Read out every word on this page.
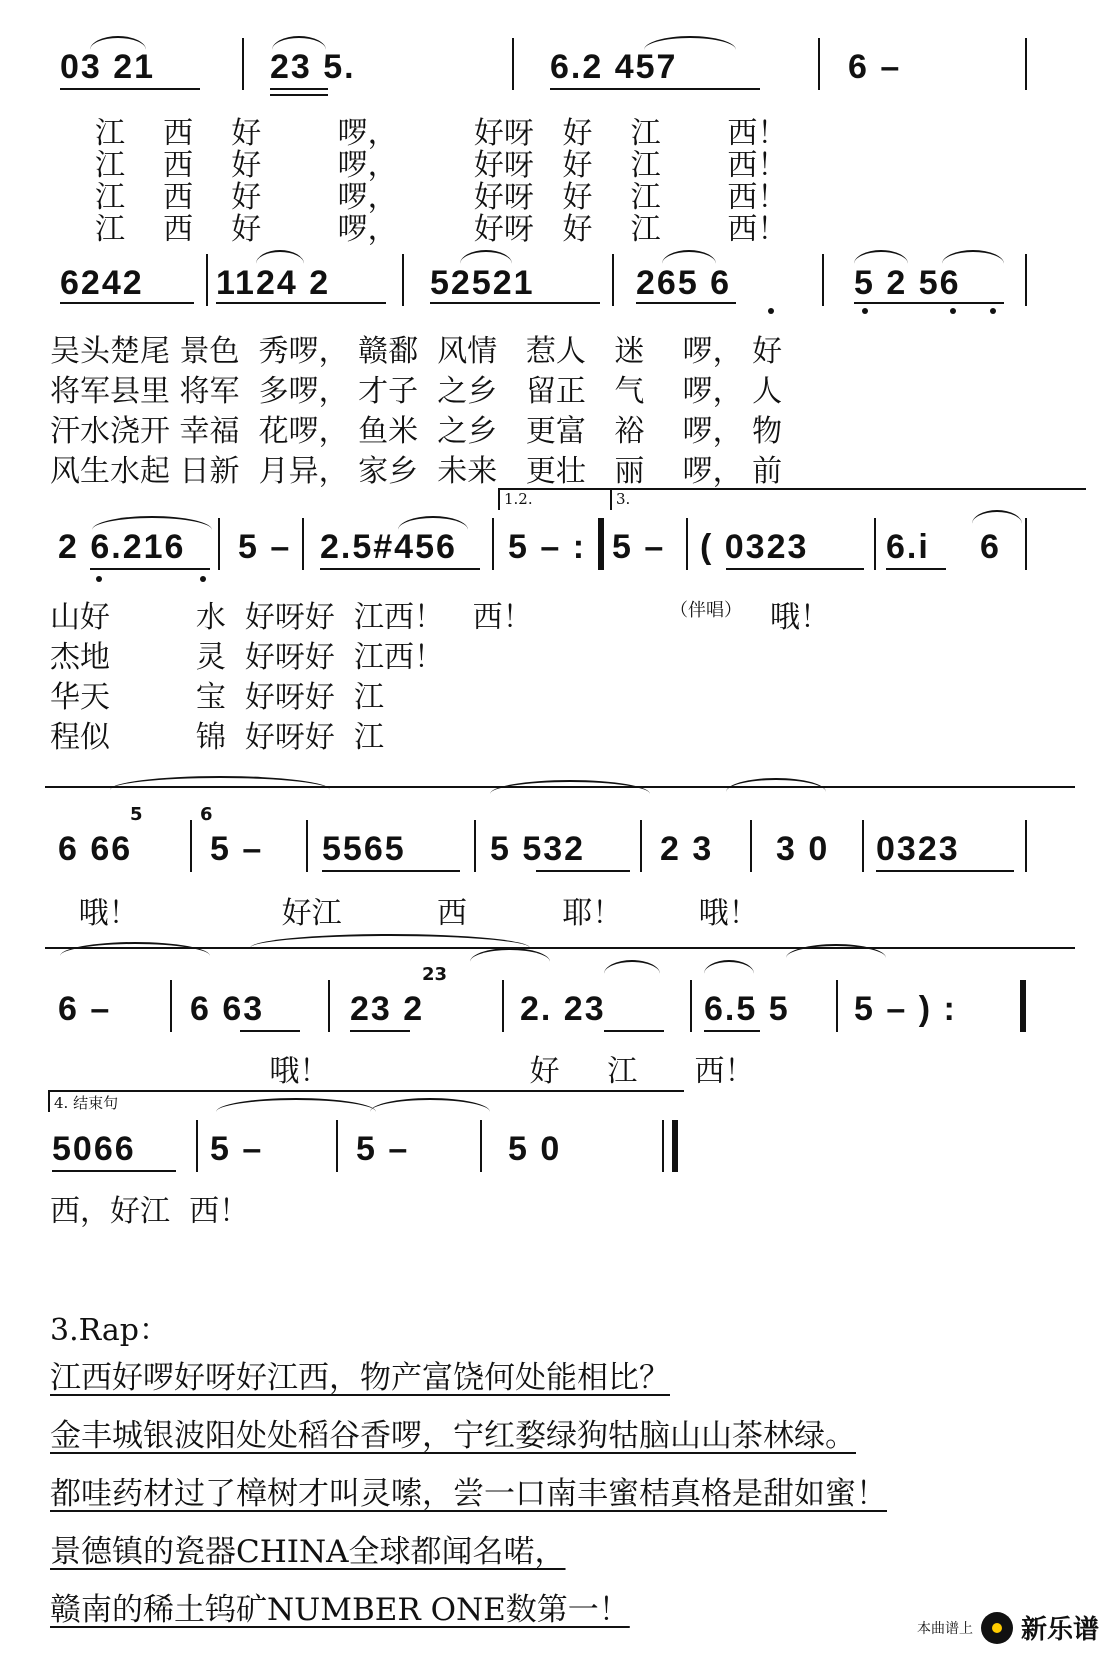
03 21	23 5.	6.2 457	6 –
江    西    好        啰，        好呀   好    江       西！
江    西    好        啰，        好呀   好    江       西！
江    西    好        啰，        好呀   好    江       西！
江    西    好        啰，        好呀   好    江       西！
6242 1124 2	52521	265 6	5 2 56
吴头楚尾 景色  秀啰， 赣鄱  风情   惹人   迷    啰， 好
将军县里 将军  多啰， 才子  之乡   留正   气    啰， 人
汗水浇开 幸福  花啰， 鱼米  之乡   更富   裕    啰， 物
风生水起 日新  月异， 家乡  未来   更壮   丽    啰， 前
1.2.	3.
2 6.216 5 – 2.5#456 5 – : 5 – ( 0323 6.i 6
山好         水  好呀好  江西！   西！	（伴唱） 哦！
杰地         灵  好呀好  江西！
华天         宝  好呀好  江
程似         锦  好呀好  江
6 66 5 – 5565 5 532 2 3 3 0 0323
5	6
哦！               好江          西          耶！        哦！
6 – 6 63	23 2	2. 23	6.5 5 5 – ) :
23
哦！                     好     江      西！
4. 结束句
5066 5 –	5 –	5 0
西，好江  西！
3.Rap：
江西好啰好呀好江西，物产富饶何处能相比？
金丰城银波阳处处稻谷香啰，宁红婺绿狗牯脑山山茶林绿。
都哇药材过了樟树才叫灵嗦，尝一口南丰蜜桔真格是甜如蜜！
景德镇的瓷器CHINA全球都闻名喏，
赣南的稀土钨矿NUMBER ONE数第一！
本曲谱上 新乐谱
